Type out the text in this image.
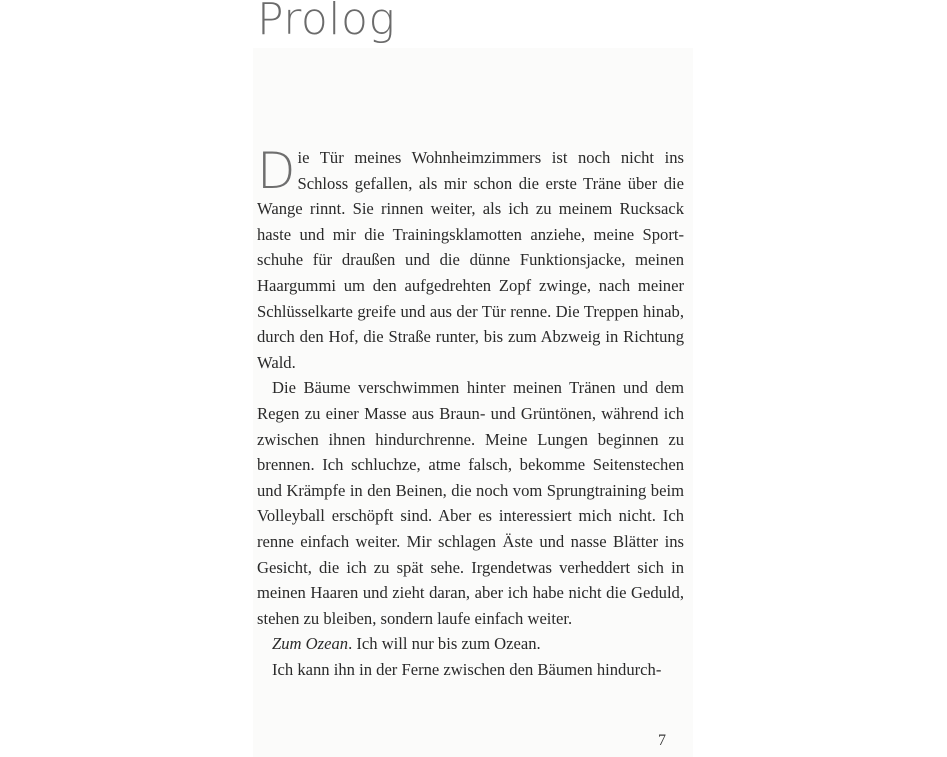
Prolog

Die Tür meines Wohnheimzimmers ist noch nicht ins Schloss gefallen, als mir schon die erste Träne über die Wange rinnt. Sie rinnen weiter, als ich zu meinem Rucksack haste und mir die Trainingsklamotten anziehe, meine Sportschuhe für draußen und die dünne Funktionsjacke, meinen Haargummi um den aufgedrehten Zopf zwinge, nach meiner Schlüsselkarte greife und aus der Tür renne. Die Treppen hinab, durch den Hof, die Straße runter, bis zum Abzweig in Richtung Wald.

Die Bäume verschwimmen hinter meinen Tränen und dem Regen zu einer Masse aus Braun- und Grüntönen, während ich zwischen ihnen hindurchrenne. Meine Lungen beginnen zu brennen. Ich schluchze, atme falsch, bekomme Seitenstechen und Krämpfe in den Beinen, die noch vom Sprungtraining beim Volleyball erschöpft sind. Aber es interessiert mich nicht. Ich renne einfach weiter. Mir schlagen Äste und nasse Blätter ins Gesicht, die ich zu spät sehe. Irgendetwas verheddert sich in meinen Haaren und zieht daran, aber ich habe nicht die Geduld, stehen zu bleiben, sondern laufe einfach weiter.

Zum Ozean. Ich will nur bis zum Ozean.

Ich kann ihn in der Ferne zwischen den Bäumen hindurch-

7
